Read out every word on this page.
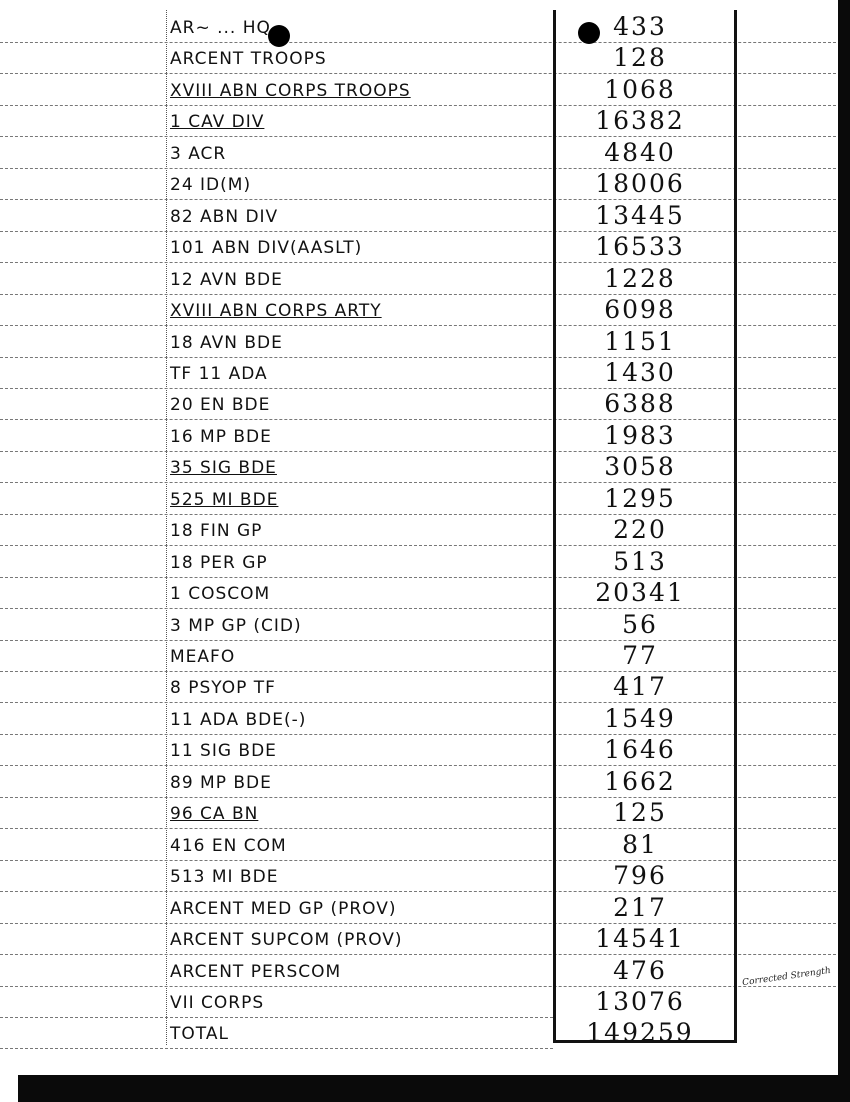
AR~ ... HQ	433
ARCENT TROOPS	128
XVIII ABN CORPS TROOPS	1068
1 CAV DIV	16382
3 ACR	4840
24 ID(M)	18006
82 ABN DIV	13445
101 ABN DIV(AASLT)	16533
12 AVN BDE	1228
XVIII ABN CORPS ARTY	6098
18 AVN BDE	1151
TF 11 ADA	1430
20 EN BDE	6388
16 MP BDE	1983
35 SIG BDE	3058
525 MI BDE	1295
18 FIN GP	220
18 PER GP	513
1 COSCOM	20341
3 MP GP (CID)	56
MEAFO	77
8 PSYOP TF	417
11 ADA BDE(-)	1549
11 SIG BDE	1646
89 MP BDE	1662
96 CA BN	125
416 EN COM	81
513 MI BDE	796
ARCENT MED GP (PROV)	217
ARCENT SUPCOM (PROV)	14541
ARCENT PERSCOM	476
VII CORPS	13076
TOTAL	149259
Corrected Strength
